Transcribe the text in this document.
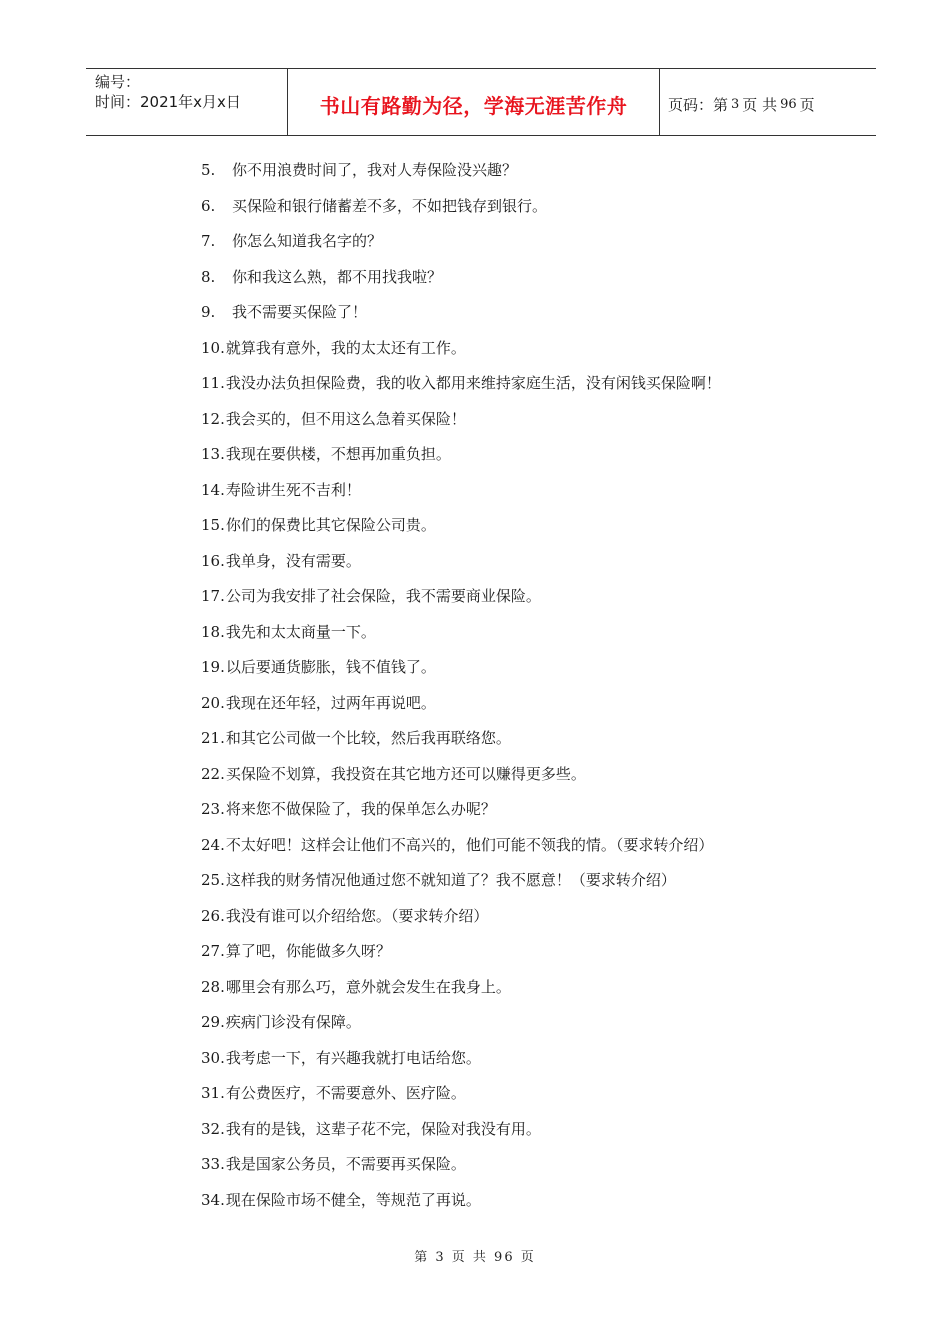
编号：
时间：2021年x月x日	书山有路勤为径，学海无涯苦作舟	页码：第 3 页 共 96 页
5.	你不用浪费时间了，我对人寿保险没兴趣？
6.	买保险和银行储蓄差不多，不如把钱存到银行。
7.	你怎么知道我名字的？
8.	你和我这么熟，都不用找我啦？
9.	我不需要买保险了！
10. 就算我有意外，我的太太还有工作。
11. 我没办法负担保险费，我的收入都用来维持家庭生活，没有闲钱买保险啊！
12. 我会买的，但不用这么急着买保险！
13. 我现在要供楼，不想再加重负担。
14. 寿险讲生死不吉利！
15. 你们的保费比其它保险公司贵。
16. 我单身，没有需要。
17. 公司为我安排了社会保险，我不需要商业保险。
18. 我先和太太商量一下。
19. 以后要通货膨胀，钱不值钱了。
20. 我现在还年轻，过两年再说吧。
21. 和其它公司做一个比较，然后我再联络您。
22. 买保险不划算，我投资在其它地方还可以赚得更多些。
23. 将来您不做保险了，我的保单怎么办呢？
24. 不太好吧！这样会让他们不高兴的，他们可能不领我的情。（要求转介绍）
25. 这样我的财务情况他通过您不就知道了？我不愿意！（要求转介绍）
26. 我没有谁可以介绍给您。（要求转介绍）
27. 算了吧，你能做多久呀？
28. 哪里会有那么巧，意外就会发生在我身上。
29. 疾病门诊没有保障。
30. 我考虑一下，有兴趣我就打电话给您。
31. 有公费医疗，不需要意外、医疗险。
32. 我有的是钱，这辈子花不完，保险对我没有用。
33. 我是国家公务员，不需要再买保险。
34. 现在保险市场不健全，等规范了再说。
第 3 页 共 96 页
